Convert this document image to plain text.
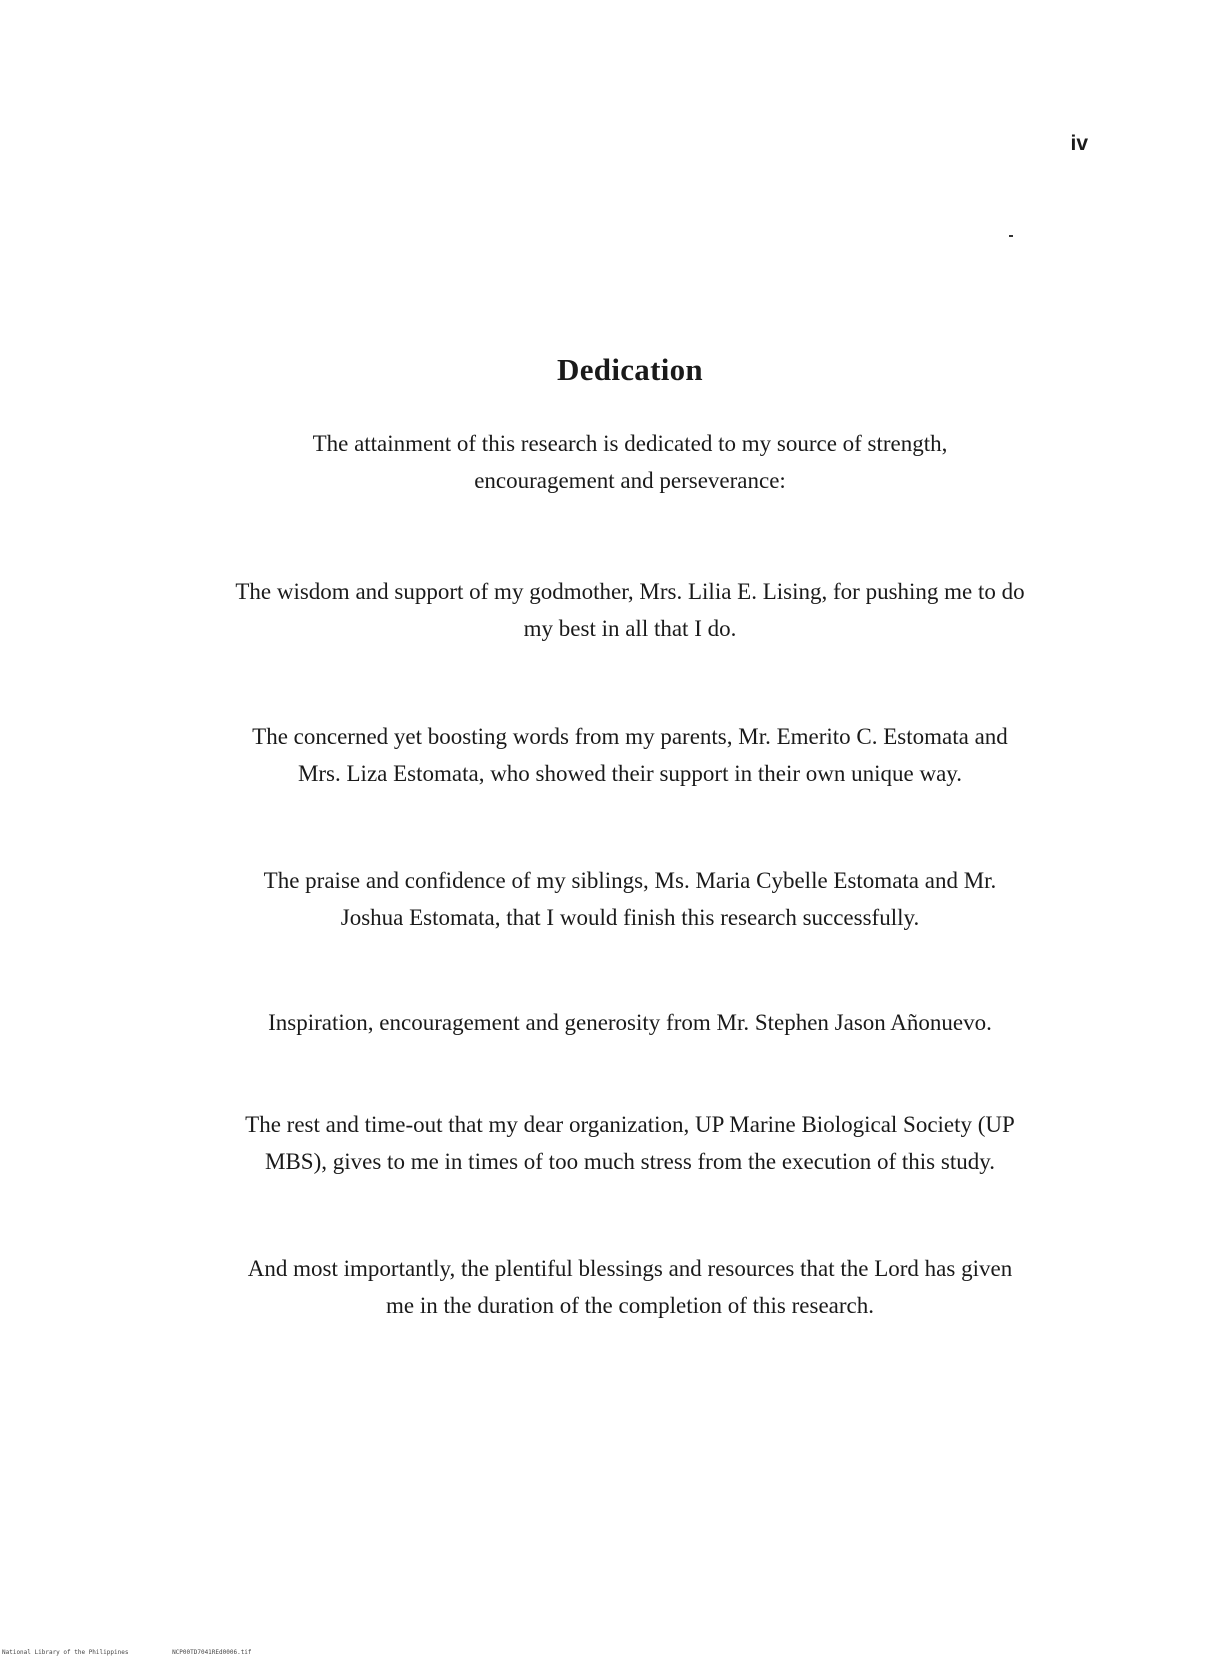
iv
Dedication
The attainment of this research is dedicated to my source of strength,
encouragement and perseverance:
The wisdom and support of my godmother, Mrs. Lilia E. Lising, for pushing me to do
my best in all that I do.
The concerned yet boosting words from my parents, Mr. Emerito C. Estomata and
Mrs. Liza Estomata, who showed their support in their own unique way.
The praise and confidence of my siblings, Ms. Maria Cybelle Estomata and Mr.
Joshua Estomata, that I would finish this research successfully.
Inspiration, encouragement and generosity from Mr. Stephen Jason Añonuevo.
The rest and time-out that my dear organization, UP Marine Biological Society (UP
MBS), gives to me in times of too much stress from the execution of this study.
And most importantly, the plentiful blessings and resources that the Lord has given
me in the duration of the completion of this research.
National Library of the Philippines	NCP00TD7041REd0006.tif
